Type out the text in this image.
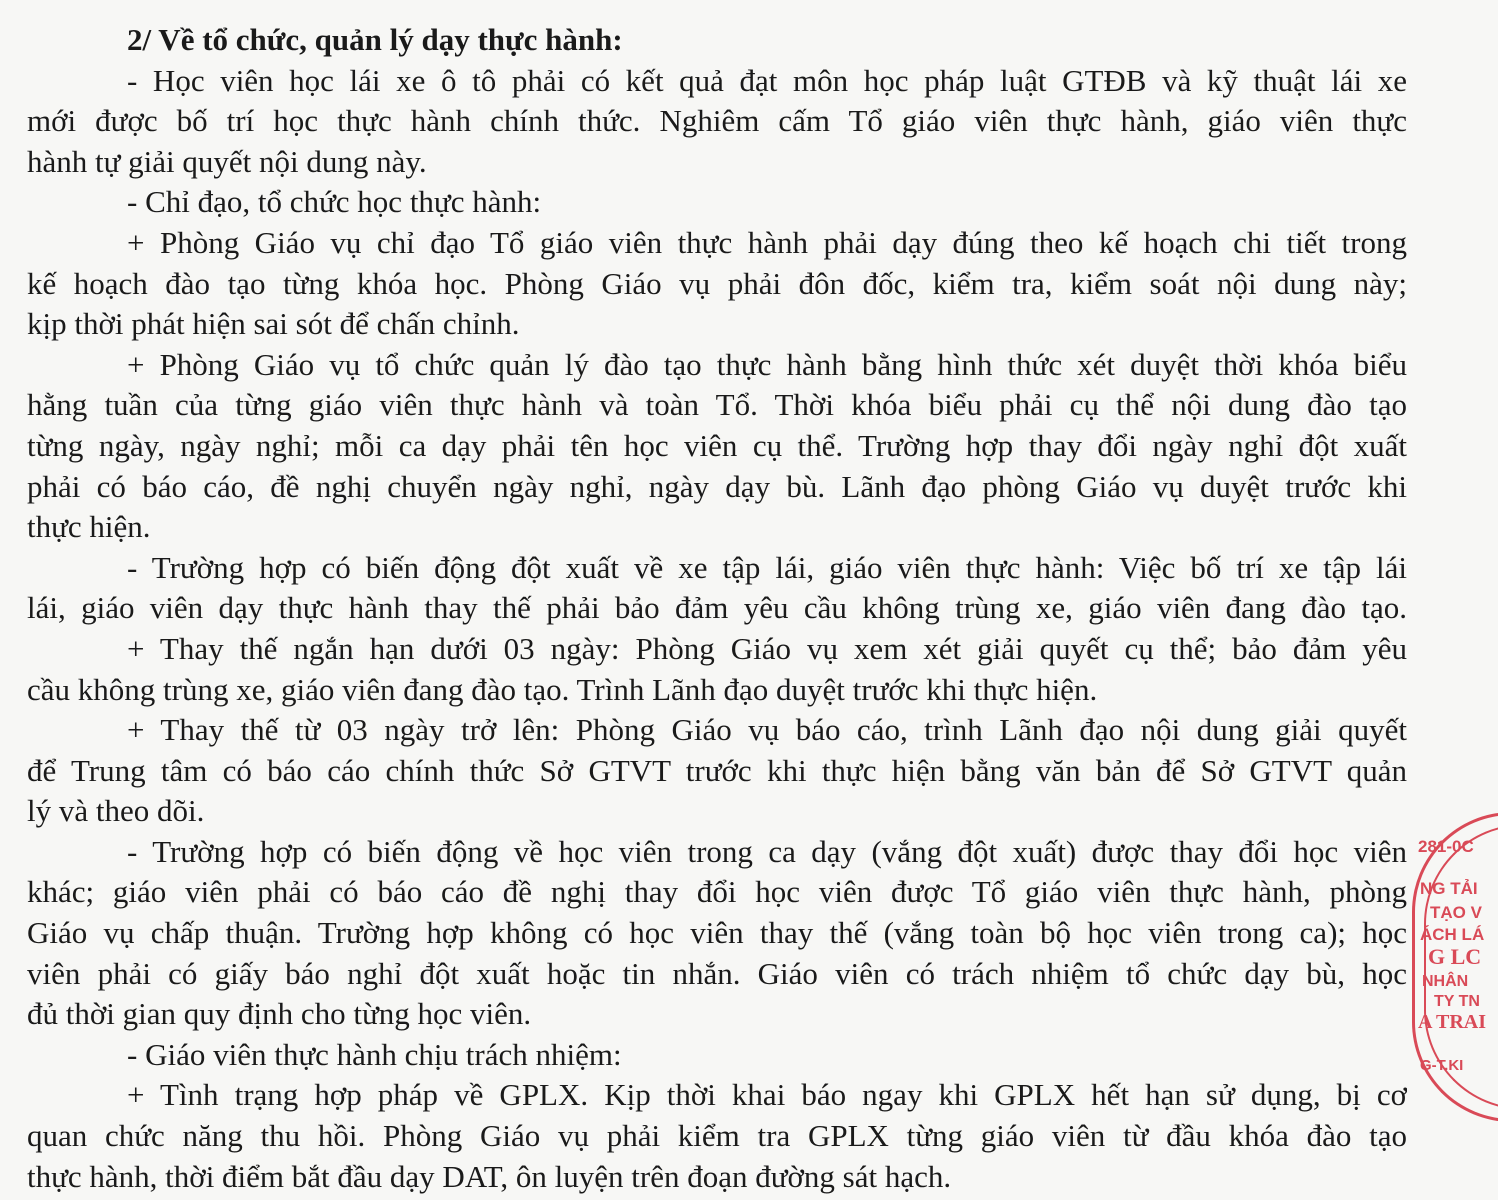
2/ Về tổ chức, quản lý dạy thực hành:
- Học viên học lái xe ô tô phải có kết quả đạt môn học pháp luật GTĐB và kỹ thuật lái xe
mới được bố trí học thực hành chính thức. Nghiêm cấm Tổ giáo viên thực hành, giáo viên thực
hành tự giải quyết nội dung này.
- Chỉ đạo, tổ chức học thực hành:
+ Phòng Giáo vụ chỉ đạo Tổ giáo viên thực hành phải dạy đúng theo kế hoạch chi tiết trong
kế hoạch đào tạo từng khóa học. Phòng Giáo vụ phải đôn đốc, kiểm tra, kiểm soát nội dung này;
kịp thời phát hiện sai sót để chấn chỉnh.
+ Phòng Giáo vụ tổ chức quản lý đào tạo thực hành bằng hình thức xét duyệt thời khóa biểu
hằng tuần của từng giáo viên thực hành và toàn Tổ. Thời khóa biểu phải cụ thể nội dung đào tạo
từng ngày, ngày nghỉ; mỗi ca dạy phải tên học viên cụ thể. Trường hợp thay đổi ngày nghỉ đột xuất
phải có báo cáo, đề nghị chuyển ngày nghỉ, ngày dạy bù. Lãnh đạo phòng Giáo vụ duyệt trước khi
thực hiện.
- Trường hợp có biến động đột xuất về xe tập lái, giáo viên thực hành: Việc bố trí xe tập lái
lái, giáo viên dạy thực hành thay thế phải bảo đảm yêu cầu không trùng xe, giáo viên đang đào tạo.
+ Thay thế ngắn hạn dưới 03 ngày: Phòng Giáo vụ xem xét giải quyết cụ thể; bảo đảm yêu
cầu không trùng xe, giáo viên đang đào tạo. Trình Lãnh đạo duyệt trước khi thực hiện.
+ Thay thế từ 03 ngày trở lên: Phòng Giáo vụ báo cáo, trình Lãnh đạo nội dung giải quyết
để Trung tâm có báo cáo chính thức Sở GTVT trước khi thực hiện bằng văn bản để Sở GTVT quản
lý và theo dõi.
- Trường hợp có biến động về học viên trong ca dạy (vắng đột xuất) được thay đổi học viên
khác; giáo viên phải có báo cáo đề nghị thay đổi học viên được Tổ giáo viên thực hành, phòng
Giáo vụ chấp thuận. Trường hợp không có học viên thay thế (vắng toàn bộ học viên trong ca); học
viên phải có giấy báo nghỉ đột xuất hoặc tin nhắn. Giáo viên có trách nhiệm tổ chức dạy bù, học
đủ thời gian quy định cho từng học viên.
- Giáo viên thực hành chịu trách nhiệm:
+ Tình trạng hợp pháp về GPLX. Kịp thời khai báo ngay khi GPLX hết hạn sử dụng, bị cơ
quan chức năng thu hồi. Phòng Giáo vụ phải kiểm tra GPLX từng giáo viên từ đầu khóa đào tạo
thực hành, thời điểm bắt đầu dạy DAT, ôn luyện trên đoạn đường sát hạch.
281-0C
NG TẢI
TẠO V
ÁCH LÁ
G LC
NHÂN
TY TN
A TRAI
G-T.KI
